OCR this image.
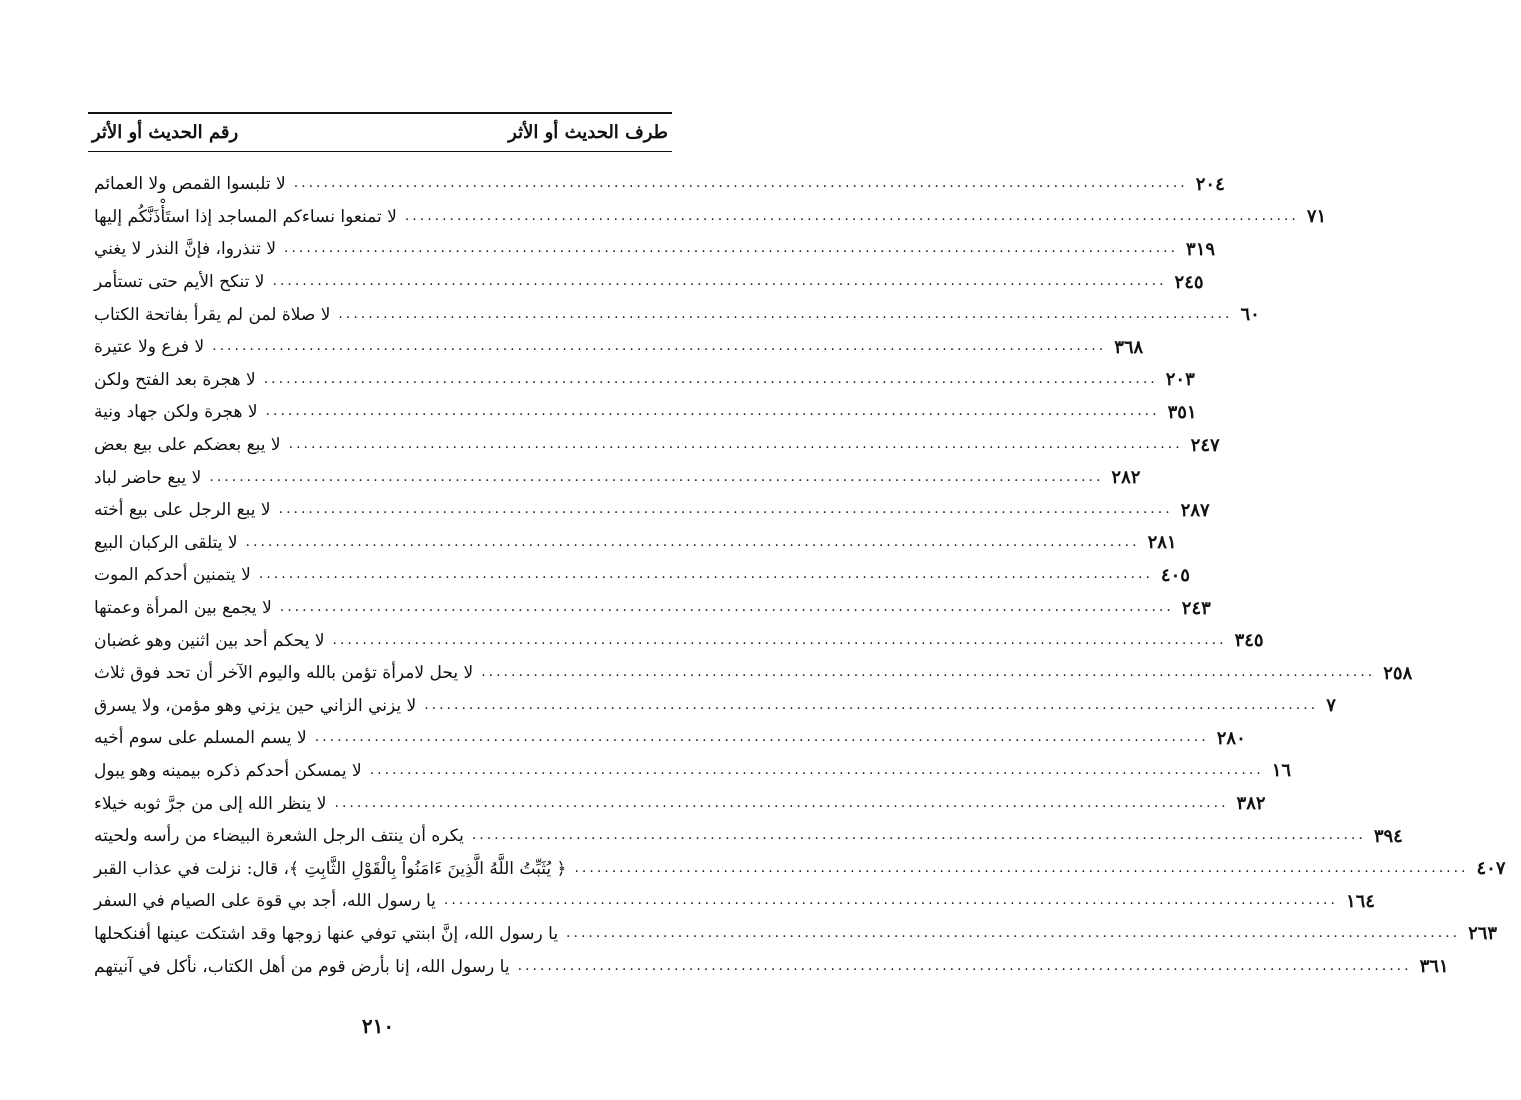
طرف الحديث أو الأثر
رقم الحديث أو الأثر
لا تلبسوا القمص ولا العمائم ........................................................................................................................ ٢٠٤
لا تمنعوا نساءكم المساجد إذا استَأْذَنَّكُم إليها ........................................................................................................................ ٧١
لا تنذروا، فإنَّ النذر لا يغني ........................................................................................................................ ٣١٩
لا تنكح الأيم حتى تستأمر ........................................................................................................................ ٢٤٥
لا صلاة لمن لم يقرأ بفاتحة الكتاب ........................................................................................................................ ٦٠
لا فرع ولا عتيرة ........................................................................................................................ ٣٦٨
لا هجرة بعد الفتح ولكن ........................................................................................................................ ٢٠٣
لا هجرة ولكن جهاد ونية ........................................................................................................................ ٣٥١
لا يبع بعضكم على بيع بعض ........................................................................................................................ ٢٤٧
لا يبع حاضر لباد ........................................................................................................................ ٢٨٢
لا يبع الرجل على بيع أخته ........................................................................................................................ ٢٨٧
لا يتلقى الركبان البيع ........................................................................................................................ ٢٨١
لا يتمنين أحدكم الموت ........................................................................................................................ ٤٠٥
لا يجمع بين المرأة وعمتها ........................................................................................................................ ٢٤٣
لا يحكم أحد بين اثنين وهو غضبان ........................................................................................................................ ٣٤٥
لا يحل لامرأة تؤمن بالله واليوم الآخر أن تحد فوق ثلاث ........................................................................................................................ ٢٥٨
لا يزني الزاني حين يزني وهو مؤمن، ولا يسرق ........................................................................................................................ ٧
لا يسم المسلم على سوم أخيه ........................................................................................................................ ٢٨٠
لا يمسكن أحدكم ذكره بيمينه وهو يبول ........................................................................................................................ ١٦
لا ينظر الله إلى من جرَّ ثوبه خيلاء ........................................................................................................................ ٣٨٢
يكره أن ينتف الرجل الشعرة البيضاء من رأسه ولحيته ........................................................................................................................ ٣٩٤
﴿ يُثَبِّتُ اللَّهُ الَّذِينَ ءَامَنُواْ بِالْقَوْلِ الثَّابِتِ ﴾، قال: نزلت في عذاب القبر ........................................................................................................................ ٤٠٧
يا رسول الله، أجد بي قوة على الصيام في السفر ........................................................................................................................ ١٦٤
يا رسول الله، إنَّ ابنتي توفي عنها زوجها وقد اشتكت عينها أفنكحلها ........................................................................................................................ ٢٦٣
يا رسول الله، إنا بأرض قوم من أهل الكتاب، نأكل في آنيتهم ........................................................................................................................ ٣٦١
٢١٠
